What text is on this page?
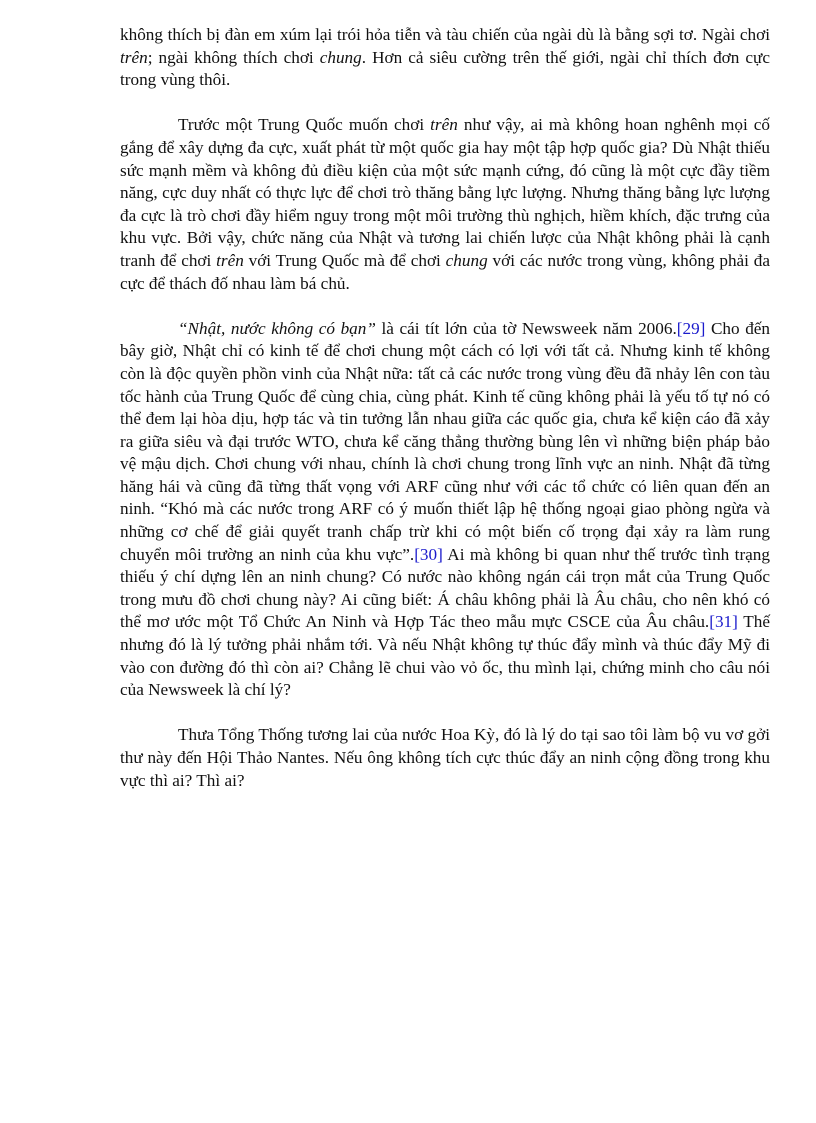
không thích bị đàn em xúm lại trói hỏa tiễn và tàu chiến của ngài dù là bằng sợi tơ. Ngài chơi trên; ngài không thích chơi chung. Hơn cả siêu cường trên thế giới, ngài chỉ thích đơn cực trong vùng thôi.

Trước một Trung Quốc muốn chơi trên như vậy, ai mà không hoan nghênh mọi cố gắng để xây dựng đa cực, xuất phát từ một quốc gia hay một tập hợp quốc gia? Dù Nhật thiếu sức mạnh mềm và không đủ điều kiện của một sức mạnh cứng, đó cũng là một cực đầy tiềm năng, cực duy nhất có thực lực để chơi trò thăng bằng lực lượng. Nhưng thăng bằng lực lượng đa cực là trò chơi đầy hiểm nguy trong một môi trường thù nghịch, hiềm khích, đặc trưng của khu vực. Bởi vậy, chức năng của Nhật và tương lai chiến lược của Nhật không phải là cạnh tranh để chơi trên với Trung Quốc mà để chơi chung với các nước trong vùng, không phải đa cực để thách đố nhau làm bá chủ.

“Nhật, nước không có bạn” là cái tít lớn của tờ Newsweek năm 2006.[29] Cho đến bây giờ, Nhật chỉ có kinh tế để chơi chung một cách có lợi với tất cả. Nhưng kinh tế không còn là độc quyền phồn vinh của Nhật nữa: tất cả các nước trong vùng đều đã nhảy lên con tàu tốc hành của Trung Quốc để cùng chia, cùng phát. Kinh tế cũng không phải là yếu tố tự nó có thể đem lại hòa dịu, hợp tác và tin tưởng lẫn nhau giữa các quốc gia, chưa kể kiện cáo đã xảy ra giữa siêu và đại trước WTO, chưa kể căng thẳng thường bùng lên vì những biện pháp bảo vệ mậu dịch. Chơi chung với nhau, chính là chơi chung trong lĩnh vực an ninh. Nhật đã từng hăng hái và cũng đã từng thất vọng với ARF cũng như với các tổ chức có liên quan đến an ninh. “Khó mà các nước trong ARF có ý muốn thiết lập hệ thống ngoại giao phòng ngừa và những cơ chế để giải quyết tranh chấp trừ khi có một biến cố trọng đại xảy ra làm rung chuyển môi trường an ninh của khu vực”.[30] Ai mà không bi quan như thế trước tình trạng thiếu ý chí dựng lên an ninh chung? Có nước nào không ngán cái trọn mắt của Trung Quốc trong mưu đồ chơi chung này? Ai cũng biết: Á châu không phải là Âu châu, cho nên khó có thể mơ ước một Tổ Chức An Ninh và Hợp Tác theo mẫu mực CSCE của Âu châu.[31] Thế nhưng đó là lý tưởng phải nhắm tới. Và nếu Nhật không tự thúc đẩy mình và thúc đẩy Mỹ đi vào con đường đó thì còn ai? Chẳng lẽ chui vào vỏ ốc, thu mình lại, chứng minh cho câu nói của Newsweek là chí lý?

Thưa Tổng Thống tương lai của nước Hoa Kỳ, đó là lý do tại sao tôi làm bộ vu vơ gởi thư này đến Hội Thảo Nantes. Nếu ông không tích cực thúc đẩy an ninh cộng đồng trong khu vực thì ai? Thì ai?
